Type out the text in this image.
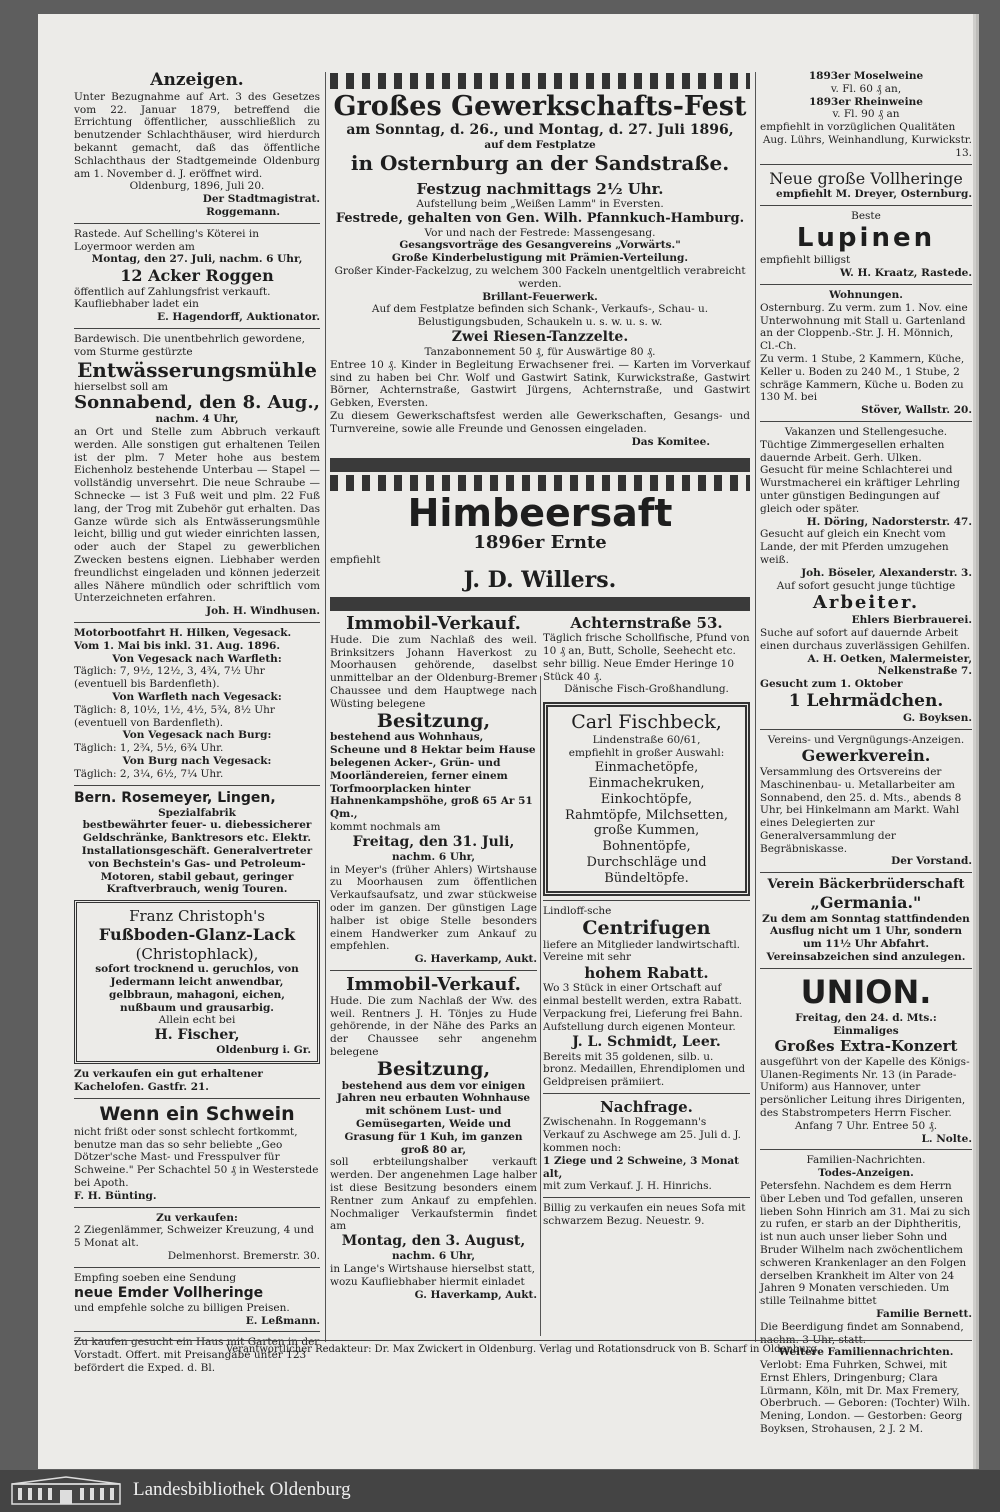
Anzeigen.

Unter Bezugnahme auf Art. 3 des Gesetzes vom 22. Januar 1879, betreffend die Errichtung öffentlicher, ausschließlich zu benutzender Schlachthäuser, wird hierdurch bekannt gemacht, daß das öffentliche Schlachthaus der Stadtgemeinde Oldenburg am 1. November d. J. eröffnet wird.

Oldenburg, 1896, Juli 20.

Der Stadtmagistrat.

Roggemann.

Rastede. Auf Schelling's Köterei in Loyermoor werden am

Montag, den 27. Juli, nachm. 6 Uhr,

12 Acker Roggen

öffentlich auf Zahlungsfrist verkauft. Kaufliebhaber ladet ein

E. Hagendorff, Auktionator.

Bardewisch. Die unentbehrlich gewordene, vom Sturme gestürzte

Entwässerungsmühle

hierselbst soll am

Sonnabend, den 8. Aug.,

nachm. 4 Uhr,

an Ort und Stelle zum Abbruch verkauft werden. Alle sonstigen gut erhaltenen Teilen ist der plm. 7 Meter hohe aus bestem Eichenholz bestehende Unterbau — Stapel — vollständig unversehrt. Die neue Schraube — Schnecke — ist 3 Fuß weit und plm. 22 Fuß lang, der Trog mit Zubehör gut erhalten. Das Ganze würde sich als Entwässerungsmühle leicht, billig und gut wieder einrichten lassen, oder auch der Stapel zu gewerblichen Zwecken bestens eignen. Liebhaber werden freundlichst eingeladen und können jederzeit alles Nähere mündlich oder schriftlich vom Unterzeichneten erfahren.

Joh. H. Windhusen.

Motorbootfahrt H. Hilken, Vegesack.

Vom 1. Mai bis inkl. 31. Aug. 1896.

Von Vegesack nach Warfleth:

Täglich: 7, 9½, 12½, 3, 4¾, 7½ Uhr (eventuell bis Bardenfleth).

Von Warfleth nach Vegesack:

Täglich: 8, 10½, 1½, 4½, 5¾, 8½ Uhr (eventuell von Bardenfleth).

Von Vegesack nach Burg:

Täglich: 1, 2¾, 5½, 6¾ Uhr.

Von Burg nach Vegesack:

Täglich: 2, 3¼, 6½, 7¼ Uhr.

Bern. Rosemeyer, Lingen,

Spezialfabrik

bestbewährter feuer- u. diebessicherer Geldschränke, Banktresors etc. Elektr. Installationsgeschäft. Generalvertreter von Bechstein's Gas- und Petroleum-Motoren, stabil gebaut, geringer Kraftverbrauch, wenig Touren.

Franz Christoph's

Fußboden-Glanz-Lack

(Christophlack),

sofort trocknend u. geruchlos, von Jedermann leicht anwendbar, gelbbraun, mahagoni, eichen, nußbaum und grausarbig.

Allein echt bei

H. Fischer,

Oldenburg i. Gr.

Zu verkaufen ein gut erhaltener Kachelofen. Gastfr. 21.

Wenn ein Schwein

nicht frißt oder sonst schlecht fortkommt, benutze man das so sehr beliebte „Geo Dötzer'sche Mast- und Fresspulver für Schweine." Per Schachtel 50 ₰ in Westerstede bei Apoth.

F. H. Bünting.

Zu verkaufen:

2 Ziegenlämmer, Schweizer Kreuzung, 4 und 5 Monat alt.

Delmenhorst. Bremerstr. 30.

Empfing soeben eine Sendung

neue Emder Vollheringe

und empfehle solche zu billigen Preisen.

E. Leßmann.

Zu kaufen gesucht ein Haus mit Garten in der Vorstadt. Offert. mit Preisangabe unter 123 befördert die Exped. d. Bl.

Großes Gewerkschafts-Fest

am Sonntag, d. 26., und Montag, d. 27. Juli 1896,

auf dem Festplatze

in Osternburg an der Sandstraße.

Festzug nachmittags 2½ Uhr.

Aufstellung beim „Weißen Lamm" in Eversten.

Festrede, gehalten von Gen. Wilh. Pfannkuch-Hamburg.

Vor und nach der Festrede: Massengesang.

Gesangsvorträge des Gesangvereins „Vorwärts."

Große Kinderbelustigung mit Prämien-Verteilung.

Großer Kinder-Fackelzug, zu welchem 300 Fackeln unentgeltlich verabreicht werden.

Brillant-Feuerwerk.

Auf dem Festplatze befinden sich Schank-, Verkaufs-, Schau- u. Belustigungsbuden, Schaukeln u. s. w. u. s. w.

Zwei Riesen-Tanzzelte.

Tanzabonnement 50 ₰, für Auswärtige 80 ₰.

Entree 10 ₰. Kinder in Begleitung Erwachsener frei. — Karten im Vorverkauf sind zu haben bei Chr. Wolf und Gastwirt Satink, Kurwickstraße, Gastwirt Börner, Achternstraße, Gastwirt Jürgens, Achternstraße, und Gastwirt Gebken, Eversten.

Zu diesem Gewerkschaftsfest werden alle Gewerkschaften, Gesangs- und Turnvereine, sowie alle Freunde und Genossen eingeladen.

Das Komitee.

Himbeersaft

1896er Ernte

empfiehlt

J. D. Willers.

Immobil-Verkauf.

Hude. Die zum Nachlaß des weil. Brinksitzers Johann Haverkost zu Moorhausen gehörende, daselbst unmittelbar an der Oldenburg-Bremer Chaussee und dem Hauptwege nach Wüsting belegene

Besitzung,

bestehend aus Wohnhaus, Scheune und 8 Hektar beim Hause belegenen Acker-, Grün- und Moorländereien, ferner einem Torfmoorplacken hinter Hahnenkampshöhe, groß 65 Ar 51 Qm.,

kommt nochmals am

Freitag, den 31. Juli,

nachm. 6 Uhr,

in Meyer's (früher Ahlers) Wirtshause zu Moorhausen zum öffentlichen Verkaufsaufsatz, und zwar stückweise oder im ganzen. Der günstigen Lage halber ist obige Stelle besonders einem Handwerker zum Ankauf zu empfehlen.

G. Haverkamp, Aukt.

Immobil-Verkauf.

Hude. Die zum Nachlaß der Ww. des weil. Rentners J. H. Tönjes zu Hude gehörende, in der Nähe des Parks an der Chaussee sehr angenehm belegene

Besitzung,

bestehend aus dem vor einigen Jahren neu erbauten Wohnhause mit schönem Lust- und Gemüsegarten, Weide und Grasung für 1 Kuh, im ganzen groß 80 ar,

soll erbteilungshalber verkauft werden. Der angenehmen Lage halber ist diese Besitzung besonders einem Rentner zum Ankauf zu empfehlen. Nochmaliger Verkaufstermin findet am

Montag, den 3. August,

nachm. 6 Uhr,

in Lange's Wirtshause hierselbst statt, wozu Kaufliebhaber hiermit einladet

G. Haverkamp, Aukt.

Achternstraße 53.

Täglich frische Schollfische, Pfund von 10 ₰ an, Butt, Scholle, Seehecht etc. sehr billig. Neue Emder Heringe 10 Stück 40 ₰.

Dänische Fisch-Großhandlung.

Carl Fischbeck,

Lindenstraße 60/61,

empfiehlt in großer Auswahl:

Einmachetöpfe,

Einmachekruken,

Einkochtöpfe,

Rahmtöpfe, Milchsetten,

große Kummen,

Bohnentöpfe,

Durchschläge und

Bündeltöpfe.

Lindloff-sche

Centrifugen

liefere an Mitglieder landwirtschaftl. Vereine mit sehr

hohem Rabatt.

Wo 3 Stück in einer Ortschaft auf einmal bestellt werden, extra Rabatt. Verpackung frei, Lieferung frei Bahn. Aufstellung durch eigenen Monteur.

J. L. Schmidt, Leer.

Bereits mit 35 goldenen, silb. u. bronz. Medaillen, Ehrendiplomen und Geldpreisen prämiiert.

Nachfrage.

Zwischenahn. In Roggemann's Verkauf zu Aschwege am 25. Juli d. J. kommen noch:

1 Ziege und 2 Schweine, 3 Monat alt,

mit zum Verkauf. J. H. Hinrichs.

Billig zu verkaufen ein neues Sofa mit schwarzem Bezug. Neuestr. 9.

1893er Moselweine

v. Fl. 60 ₰ an,

1893er Rheinweine

v. Fl. 90 ₰ an

empfiehlt in vorzüglichen Qualitäten

Aug. Lührs, Weinhandlung, Kurwickstr. 13.

Neue große Vollheringe

empfiehlt M. Dreyer, Osternburg.

Beste

Lupinen

empfiehlt billigst

W. H. Kraatz, Rastede.

Wohnungen.

Osternburg. Zu verm. zum 1. Nov. eine Unterwohnung mit Stall u. Gartenland an der Cloppenb.-Str. J. H. Mönnich, Cl.-Ch.

Zu verm. 1 Stube, 2 Kammern, Küche, Keller u. Boden zu 240 M., 1 Stube, 2 schräge Kammern, Küche u. Boden zu 130 M. bei

Stöver, Wallstr. 20.

Vakanzen und Stellengesuche.

Tüchtige Zimmergesellen erhalten dauernde Arbeit. Gerh. Ulken.

Gesucht für meine Schlachterei und Wurstmacherei ein kräftiger Lehrling unter günstigen Bedingungen auf gleich oder später.

H. Döring, Nadorsterstr. 47.

Gesucht auf gleich ein Knecht vom Lande, der mit Pferden umzugehen weiß.

Joh. Böseler, Alexanderstr. 3.

Auf sofort gesucht junge tüchtige

Arbeiter.

Ehlers Bierbrauerei.

Suche auf sofort auf dauernde Arbeit einen durchaus zuverlässigen Gehilfen.

A. H. Oetken, Malermeister, Nelkenstraße 7.

Gesucht zum 1. Oktober

1 Lehrmädchen.

G. Boyksen.

Vereins- und Vergnügungs-Anzeigen.

Gewerkverein.

Versammlung des Ortsvereins der Maschinenbau- u. Metallarbeiter am Sonnabend, den 25. d. Mts., abends 8 Uhr, bei Hinkelmann am Markt. Wahl eines Delegierten zur Generalversammlung der Begräbniskasse.

Der Vorstand.

Verein Bäckerbrüderschaft

„Germania."

Zu dem am Sonntag stattfindenden Ausflug nicht um 1 Uhr, sondern um 11½ Uhr Abfahrt.

Vereinsabzeichen sind anzulegen.

UNION.

Freitag, den 24. d. Mts.:

Einmaliges

Großes Extra-Konzert

ausgeführt von der Kapelle des Königs-Ulanen-Regiments Nr. 13 (in Parade-Uniform) aus Hannover, unter persönlicher Leitung ihres Dirigenten, des Stabstrompeters Herrn Fischer.

Anfang 7 Uhr. Entree 50 ₰.

L. Nolte.

Familien-Nachrichten.

Todes-Anzeigen.

Petersfehn. Nachdem es dem Herrn über Leben und Tod gefallen, unseren lieben Sohn Hinrich am 31. Mai zu sich zu rufen, er starb an der Diphtheritis, ist nun auch unser lieber Sohn und Bruder Wilhelm nach zwöchentlichem schweren Krankenlager an den Folgen derselben Krankheit im Alter von 24 Jahren 9 Monaten verschieden. Um stille Teilnahme bittet

Familie Bernett.

Die Beerdigung findet am Sonnabend, nachm. 3 Uhr, statt.

Weitere Familiennachrichten.

Verlobt: Ema Fuhrken, Schwei, mit Ernst Ehlers, Dringenburg; Clara Lürmann, Köln, mit Dr. Max Fremery, Oberbruch. — Geboren: (Tochter) Wilh. Mening, London. — Gestorben: Georg Boyksen, Strohausen, 2 J. 2 M.

Verantwortlicher Redakteur: Dr. Max Zwickert in Oldenburg. Verlag und Rotationsdruck von B. Scharf in Oldenburg.
Landesbibliothek Oldenburg
